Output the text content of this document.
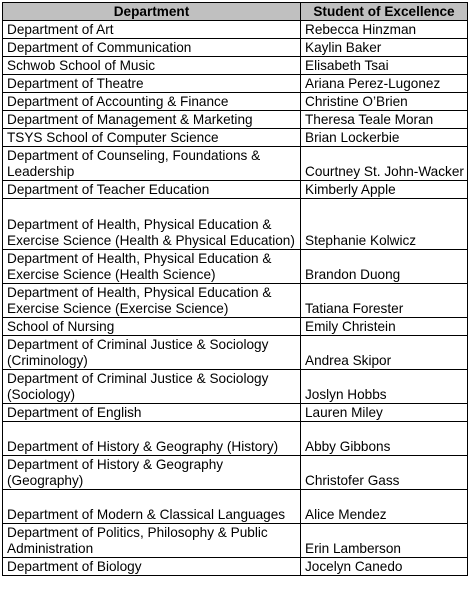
Department	Student of Excellence
Department of Art	Rebecca Hinzman
Department of Communication	Kaylin Baker
Schwob School of Music	Elisabeth Tsai
Department of Theatre	Ariana Perez-Lugonez
Department of Accounting & Finance	Christine O’Brien
Department of Management & Marketing	Theresa Teale Moran
TSYS School of Computer Science	Brian Lockerbie
Department of Counseling, Foundations & Leadership	Courtney St. John-Wacker
Department of Teacher Education	Kimberly Apple
Department of Health, Physical Education & Exercise Science (Health & Physical Education)	Stephanie Kolwicz
Department of Health, Physical Education & Exercise Science (Health Science)	Brandon Duong
Department of Health, Physical Education & Exercise Science (Exercise Science)	Tatiana Forester
School of Nursing	Emily Christein
Department of Criminal Justice & Sociology (Criminology)	Andrea Skipor
Department of Criminal Justice & Sociology (Sociology)	Joslyn Hobbs
Department of English	Lauren Miley
Department of History & Geography (History)	Abby Gibbons
Department of History & Geography (Geography)	Christofer Gass
Department of Modern & Classical Languages	Alice Mendez
Department of Politics, Philosophy & Public Administration	Erin Lamberson
Department of Biology	Jocelyn Canedo
